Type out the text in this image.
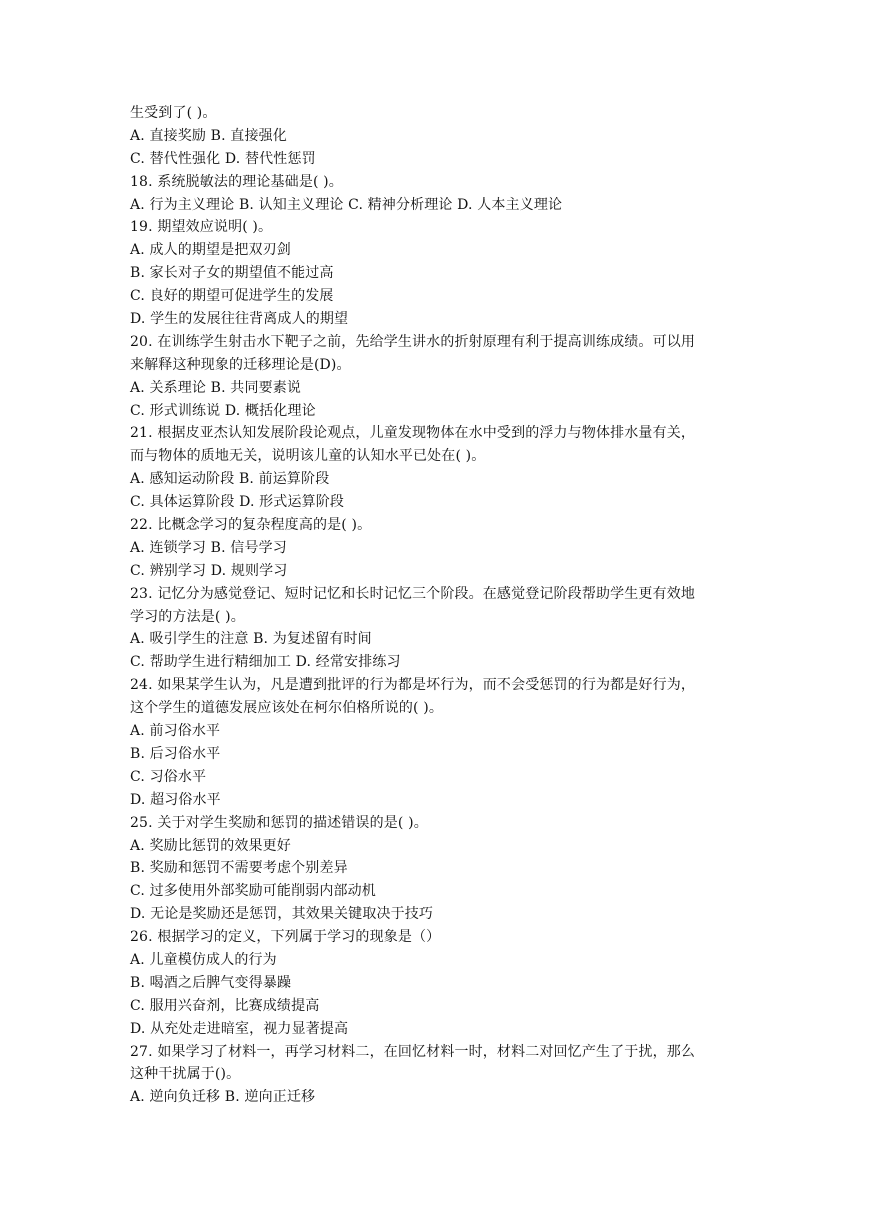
生受到了( )。
A. 直接奖励 B. 直接强化
C. 替代性强化 D. 替代性惩罚
18. 系统脱敏法的理论基础是( )。
A. 行为主义理论 B. 认知主义理论 C. 精神分析理论 D. 人本主义理论
19. 期望效应说明( )。
A. 成人的期望是把双刃剑
B. 家长对子女的期望值不能过高
C. 良好的期望可促进学生的发展
D. 学生的发展往往背离成人的期望
20. 在训练学生射击水下靶子之前，先给学生讲水的折射原理有利于提高训练成绩。可以用
来解释这种现象的迁移理论是(D)。
A. 关系理论 B. 共同要素说
C. 形式训练说 D. 概括化理论
21. 根据皮亚杰认知发展阶段论观点，儿童发现物体在水中受到的浮力与物体排水量有关，
而与物体的质地无关，说明该儿童的认知水平已处在( )。
A. 感知运动阶段 B. 前运算阶段
C. 具体运算阶段 D. 形式运算阶段
22. 比概念学习的复杂程度高的是( )。
A. 连锁学习 B. 信号学习
C. 辨别学习 D. 规则学习
23. 记忆分为感觉登记、短时记忆和长时记忆三个阶段。在感觉登记阶段帮助学生更有效地
学习的方法是( )。
A. 吸引学生的注意 B. 为复述留有时间
C. 帮助学生进行精细加工 D. 经常安排练习
24. 如果某学生认为，凡是遭到批评的行为都是坏行为，而不会受惩罚的行为都是好行为，
这个学生的道德发展应该处在柯尔伯格所说的( )。
A. 前习俗水平
B. 后习俗水平
C. 习俗水平
D. 超习俗水平
25. 关于对学生奖励和惩罚的描述错误的是( )。
A. 奖励比惩罚的效果更好
B. 奖励和惩罚不需要考虑个别差异
C. 过多使用外部奖励可能削弱内部动机
D. 无论是奖励还是惩罚，其效果关键取决于技巧
26. 根据学习的定义，下列属于学习的现象是（）
A. 儿童模仿成人的行为
B. 喝酒之后脾气变得暴躁
C. 服用兴奋剂，比赛成绩提高
D. 从充处走进暗室，视力显著提高
27. 如果学习了材料一，再学习材料二，在回忆材料一时，材料二对回忆产生了于扰，那么
这种干扰属于()。
A. 逆向负迁移 B. 逆向正迁移
